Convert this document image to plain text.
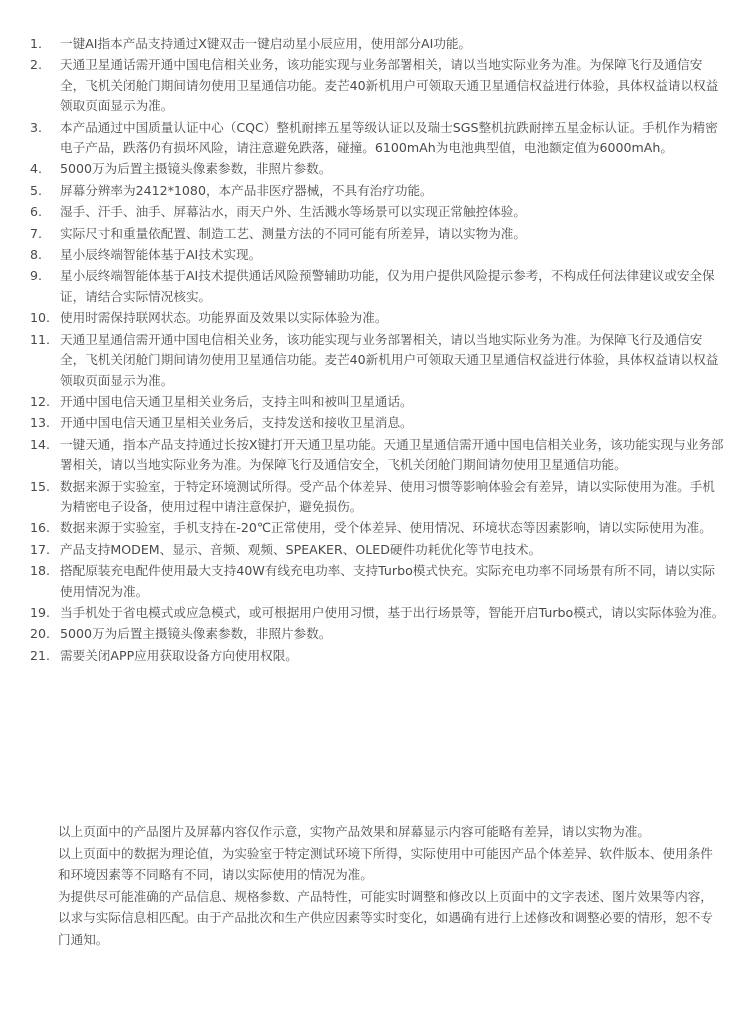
1.	一键AI指本产品支持通过X键双击一键启动星小辰应用，使用部分AI功能。
2.	天通卫星通话需开通中国电信相关业务，该功能实现与业务部署相关，请以当地实际业务为准。为保障飞行及通信安全，飞机关闭舱门期间请勿使用卫星通信功能。麦芒40新机用户可领取天通卫星通信权益进行体验，具体权益请以权益领取页面显示为准。
3.	本产品通过中国质量认证中心（CQC）整机耐摔五星等级认证以及瑞士SGS整机抗跌耐摔五星金标认证。手机作为精密电子产品，跌落仍有损坏风险，请注意避免跌落，碰撞。6100mAh为电池典型值，电池额定值为6000mAh。
4.	5000万为后置主摄镜头像素参数，非照片参数。
5.	屏幕分辨率为2412*1080，本产品非医疗器械，不具有治疗功能。
6.	湿手、汗手、油手、屏幕沾水，雨天户外、生活溅水等场景可以实现正常触控体验。
7.	实际尺寸和重量依配置、制造工艺、测量方法的不同可能有所差异，请以实物为准。
8.	星小辰终端智能体基于AI技术实现。
9.	星小辰终端智能体基于AI技术提供通话风险预警辅助功能，仅为用户提供风险提示参考，不构成任何法律建议或安全保证，请结合实际情况核实。
10. 使用时需保持联网状态。功能界面及效果以实际体验为准。
11. 天通卫星通信需开通中国电信相关业务，该功能实现与业务部署相关，请以当地实际业务为准。为保障飞行及通信安全，飞机关闭舱门期间请勿使用卫星通信功能。麦芒40新机用户可领取天通卫星通信权益进行体验，具体权益请以权益领取页面显示为准。
12. 开通中国电信天通卫星相关业务后，支持主叫和被叫卫星通话。
13. 开通中国电信天通卫星相关业务后，支持发送和接收卫星消息。
14. 一键天通，指本产品支持通过长按X键打开天通卫星功能。天通卫星通信需开通中国电信相关业务，该功能实现与业务部署相关，请以当地实际业务为准。为保障飞行及通信安全，飞机关闭舱门期间请勿使用卫星通信功能。
15. 数据来源于实验室，于特定环境测试所得。受产品个体差异、使用习惯等影响体验会有差异，请以实际使用为准。手机为精密电子设备，使用过程中请注意保护，避免损伤。
16. 数据来源于实验室，手机支持在-20℃正常使用，受个体差异、使用情况、环境状态等因素影响，请以实际使用为准。
17. 产品支持MODEM、显示、音频、观频、SPEAKER、OLED硬件功耗优化等节电技术。
18. 搭配原装充电配件使用最大支持40W有线充电功率、支持Turbo模式快充。实际充电功率不同场景有所不同，请以实际使用情况为准。
19. 当手机处于省电模式或应急模式，或可根据用户使用习惯，基于出行场景等，智能开启Turbo模式，请以实际体验为准。
20. 5000万为后置主摄镜头像素参数，非照片参数。
21. 需要关闭APP应用获取设备方向使用权限。

以上页面中的产品图片及屏幕内容仅作示意，实物产品效果和屏幕显示内容可能略有差异，请以实物为准。

以上页面中的数据为理论值，为实验室于特定测试环境下所得，实际使用中可能因产品个体差异、软件版本、使用条件和环境因素等不同略有不同，请以实际使用的情况为准。

为提供尽可能准确的产品信息、规格参数、产品特性，可能实时调整和修改以上页面中的文字表述、图片效果等内容，以求与实际信息相匹配。由于产品批次和生产供应因素等实时变化，如遇确有进行上述修改和调整必要的情形，恕不专门通知。
